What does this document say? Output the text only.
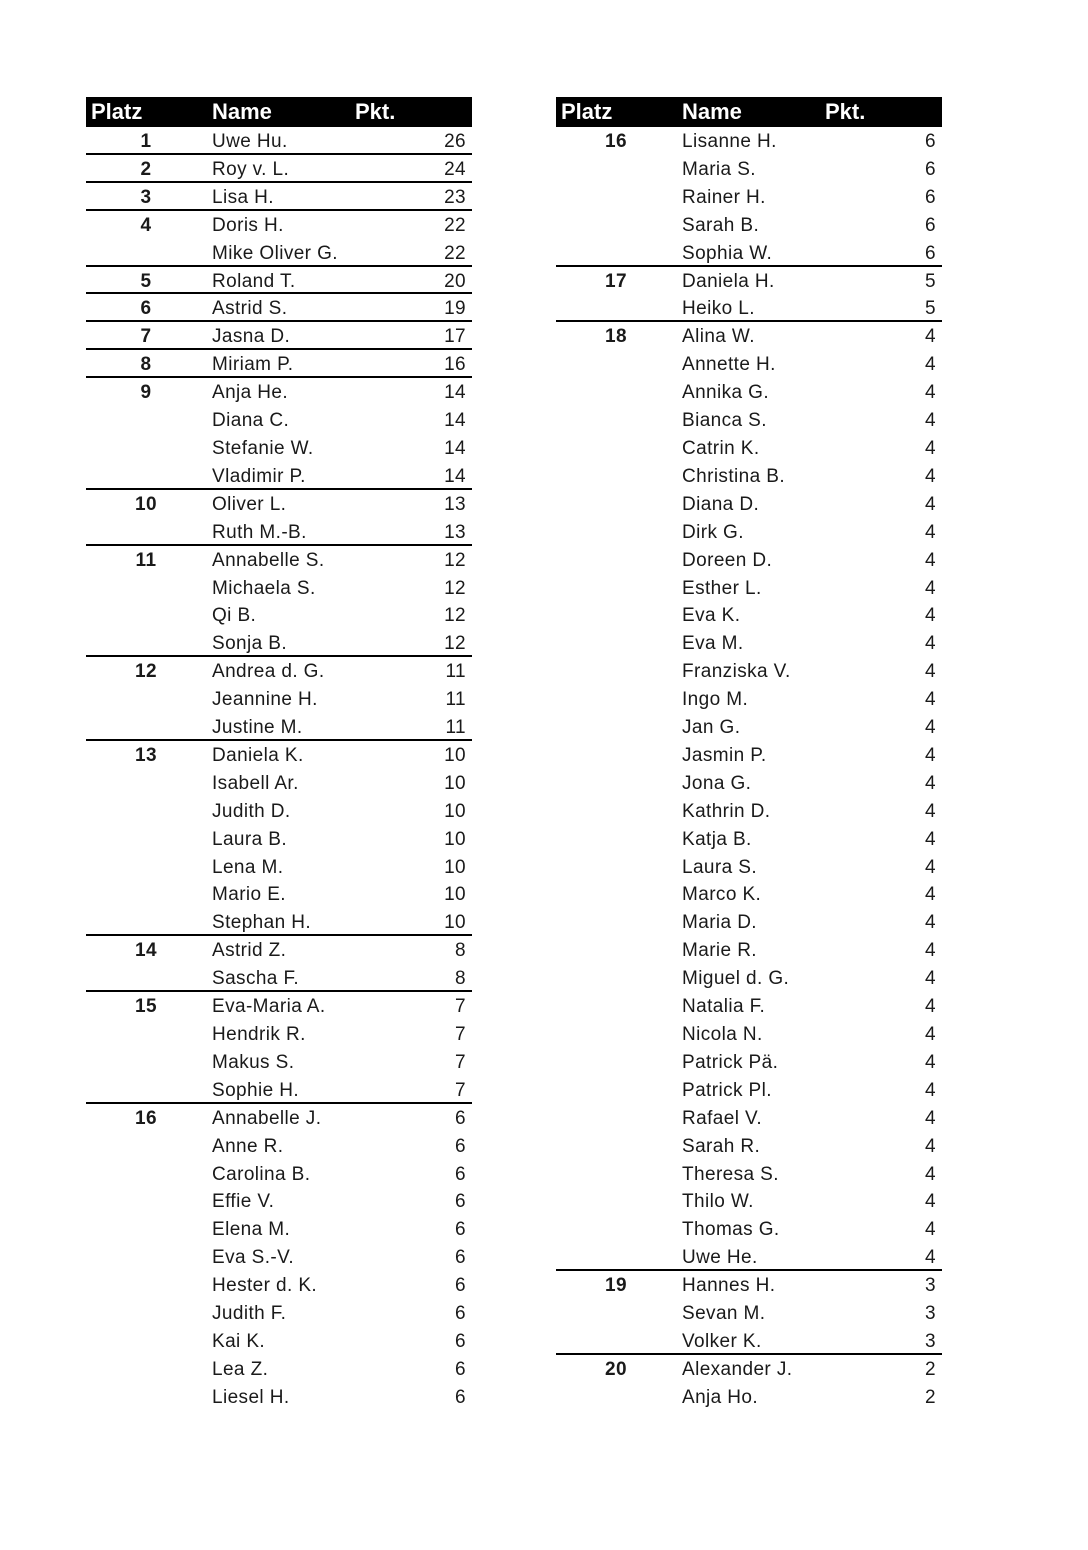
Platz	Name	Pkt.
1	Uwe Hu.	26
2	Roy v. L.	24
3	Lisa H.	23
4	Doris H.	22
Mike Oliver G.	22
5	Roland T.	20
6	Astrid S.	19
7	Jasna D.	17
8	Miriam P.	16
9	Anja He.	14
Diana C.	14
Stefanie W.	14
Vladimir P.	14
10	Oliver L.	13
Ruth M.-B.	13
11	Annabelle S.	12
Michaela S.	12
Qi B.	12
Sonja B.	12
12	Andrea d. G.	11
Jeannine H.	11
Justine M.	11
13	Daniela K.	10
Isabell Ar.	10
Judith D.	10
Laura B.	10
Lena M.	10
Mario E.	10
Stephan H.	10
14	Astrid Z.	8
Sascha F.	8
15	Eva-Maria A.	7
Hendrik R.	7
Makus S.	7
Sophie H.	7
16	Annabelle J.	6
Anne R.	6
Carolina B.	6
Effie V.	6
Elena M.	6
Eva S.-V.	6
Hester d. K.	6
Judith F.	6
Kai K.	6
Lea Z.	6
Liesel H.	6
Platz	Name	Pkt.
16	Lisanne H.	6
Maria S.	6
Rainer H.	6
Sarah B.	6
Sophia W.	6
17	Daniela H.	5
Heiko L.	5
18	Alina W.	4
Annette H.	4
Annika G.	4
Bianca S.	4
Catrin K.	4
Christina B.	4
Diana D.	4
Dirk G.	4
Doreen D.	4
Esther L.	4
Eva K.	4
Eva M.	4
Franziska V.	4
Ingo M.	4
Jan G.	4
Jasmin P.	4
Jona G.	4
Kathrin D.	4
Katja B.	4
Laura S.	4
Marco K.	4
Maria D.	4
Marie R.	4
Miguel d. G.	4
Natalia F.	4
Nicola N.	4
Patrick Pä.	4
Patrick Pl.	4
Rafael V.	4
Sarah R.	4
Theresa S.	4
Thilo W.	4
Thomas G.	4
Uwe He.	4
19	Hannes H.	3
Sevan M.	3
Volker K.	3
20	Alexander J.	2
Anja Ho.	2
